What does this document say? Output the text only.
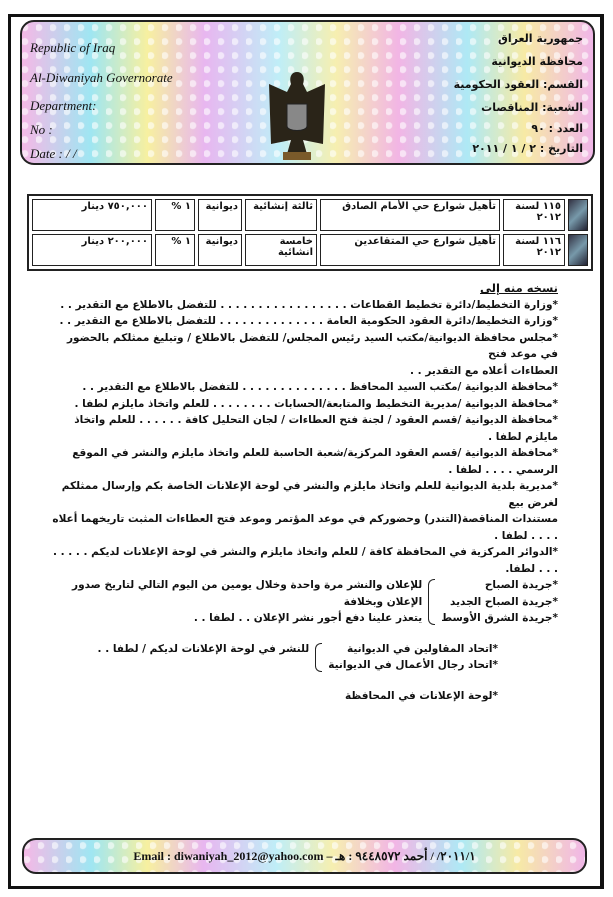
Republic of Iraq
Al-Diwaniyah Governorate
Department:
No :
Date : / /
جمهورية العراق
محافظة الديوانية
القسم: العقود الحكومية
الشعبة: المناقصات
العدد : ٩٠
التاريخ : ٢ / ١ / ٢٠١١
	١١٥ لسنة ٢٠١٢	تأهيل شوارع حي الأمام الصادق	ثالثة إنشائية	ديوانية	١ %	٧٥٠,٠٠٠ دينار
	١١٦ لسنة ٢٠١٢	تأهيل شوارع حي المتقاعدين	خامسة انشائية	ديوانية	١ %	٢٠٠,٠٠٠ دينار
نسخه منه إلى
*وزارة التخطيط/دائرة تخطيط القطاعات . . . . . . . . . . . . . . . . . للتفضل بالاطلاع مع التقدير . .
*وزارة التخطيط/دائرة العقود الحكومية العامة . . . . . . . . . . . . . . للتفضل بالاطلاع مع التقدير . .
*مجلس محافظة الديوانية/مكتب السيد رئيس المجلس/ للتفضل بالاطلاع / وتبليغ ممثلكم بالحضور في موعد فتح
العطاءات أعلاه مع التقدير . .
*محافظة الديوانية /مكتب السيد المحافظ . . . . . . . . . . . . . . للتفضل بالاطلاع مع التقدير . .
*محافظة الديوانية /مديرية التخطيط والمتابعة/الحسابات . . . . . . . . للعلم واتخاذ مايلزم لطفا .
*محافظة الديوانية /قسم العقود / لجنة فتح العطاءات / لجان التحليل كافة . . . . . . للعلم واتخاذ مايلزم لطفا .
*محافظة الديوانية /قسم العقود المركزية/شعبة الحاسبة للعلم واتخاذ مايلزم والنشر في الموقع الرسمي . . . . لطفا .
*مديرية بلدية الديوانية للعلم واتخاذ مايلزم والنشر في لوحة الإعلانات الخاصة بكم وإرسال ممثلكم لغرض بيع
مستندات المناقصة(التندر) وحضوركم في موعد المؤتمر وموعد فتح العطاءات المثبت تاريخهما أعلاه . . . . لطفا .
*الدوائر المركزية في المحافظة كافة / للعلم واتخاذ مايلزم والنشر في لوحة الإعلانات لديكم . . . . . . . . لطفا.
*جريدة الصباح
*جريدة الصباح الجديد
*جريدة الشرق الأوسط
للإعلان والنشر مرة واحدة وخلال يومين من اليوم التالي لتاريخ صدور الإعلان وبخلافة
يتعذر علينا دفع أجور نشر الإعلان . . لطفا . .
*اتحاد المقاولين في الديوانية
*اتحاد رجال الأعمال في الديوانية
للنشر في لوحة الإعلانات لديكم / لطفا . .
*لوحة الإعلانات في المحافظة
Email : diwaniyah_2012@yahoo.com – ٢٠١١/١/ / أحمد ٩٤٤٨٥٧٢ : هـ
